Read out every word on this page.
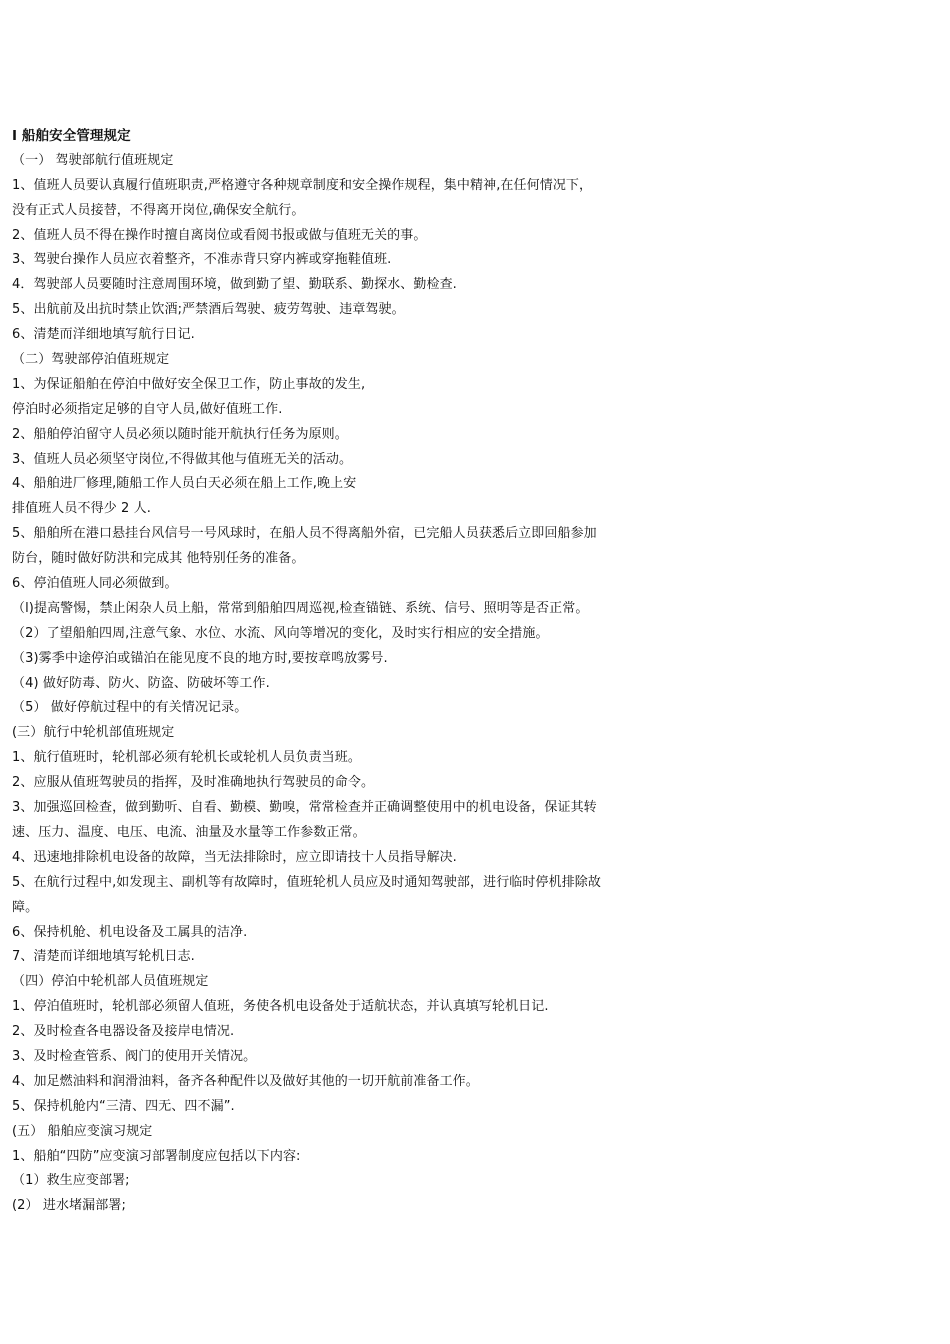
I 船舶安全管理规定
（一） 驾驶部航行值班规定
1、值班人员要认真履行值班职责,严格遵守各种规章制度和安全操作规程，集中精神,在任何情况下，
没有正式人员接替，不得离开岗位,确保安全航行。
2、值班人员不得在操作时擅自离岗位或看阅书报或做与值班无关的事。
3、驾驶台操作人员应衣着整齐，不准赤背只穿内裤或穿拖鞋值班.
4．驾驶部人员要随时注意周围环境，做到勤了望、勤联系、勤探水、勤检查.
5、出航前及出抗时禁止饮酒;严禁酒后驾驶、疲劳驾驶、违章驾驶。
6、清楚而洋细地填写航行日记.
（二）驾驶部停泊值班规定
1、为保证船舶在停泊中做好安全保卫工作，防止事故的发生,
停泊时必须指定足够的自守人员,做好值班工作.
2、船舶停泊留守人员必须以随时能开航执行任务为原则。
3、值班人员必须坚守岗位,不得做其他与值班无关的活动。
4、船舶进厂修理,随船工作人员白天必须在船上工作,晚上安
排值班人员不得少 2 人.
5、船舶所在港口悬挂台风信号一号风球时，在船人员不得离船外宿，已完船人员获悉后立即回船参加
防台，随时做好防洪和完成其 他特别任务的准备。
6、停泊值班人同必须做到。
（l)提高警惕，禁止闲杂人员上船，常常到船舶四周巡视,检查锚链、系统、信号、照明等是否正常。
（2）了望船舶四周,注意气象、水位、水流、风向等增况的变化，及时实行相应的安全措施。
（3)雾季中途停泊或锚泊在能见度不良的地方时,要按章鸣放雾号.
（4) 做好防毒、防火、防盗、防破坏等工作.
（5） 做好停航过程中的有关情况记录。
(三）航行中轮机部值班规定
1、航行值班时，轮机部必须有轮机长或轮机人员负责当班。
2、应服从值班驾驶员的指挥，及时准确地执行驾驶员的命令。
3、加强巡回检查，做到勤听、自看、勤模、勤嗅，常常检查并正确调整使用中的机电设备，保证其转
速、压力、温度、电压、电流、油量及水量等工作参数正常。
4、迅速地排除机电设备的故障，当无法排除时，应立即请技十人员指导解决.
5、在航行过程中,如发现主、副机等有故障时，值班轮机人员应及时通知驾驶部，进行临时停机排除故
障。
6、保持机舱、机电设备及工属具的洁净.
7、清楚而详细地填写轮机日志.
（四）停泊中轮机部人员值班规定
1、停泊值班时，轮机部必须留人值班，务使各机电设备处于适航状态，并认真填写轮机日记.
2、及时检查各电器设备及接岸电情况.
3、及时检查管系、阀门的使用开关情况。
4、加足燃油料和润滑油料，备齐各种配件以及做好其他的一切开航前准备工作。
5、保持机舱内“三清、四无、四不漏”.
(五） 船舶应变演习规定
1、船舶“四防”应变演习部署制度应包括以下内容:
（1）救生应变部署;
(2） 进水堵漏部署;
